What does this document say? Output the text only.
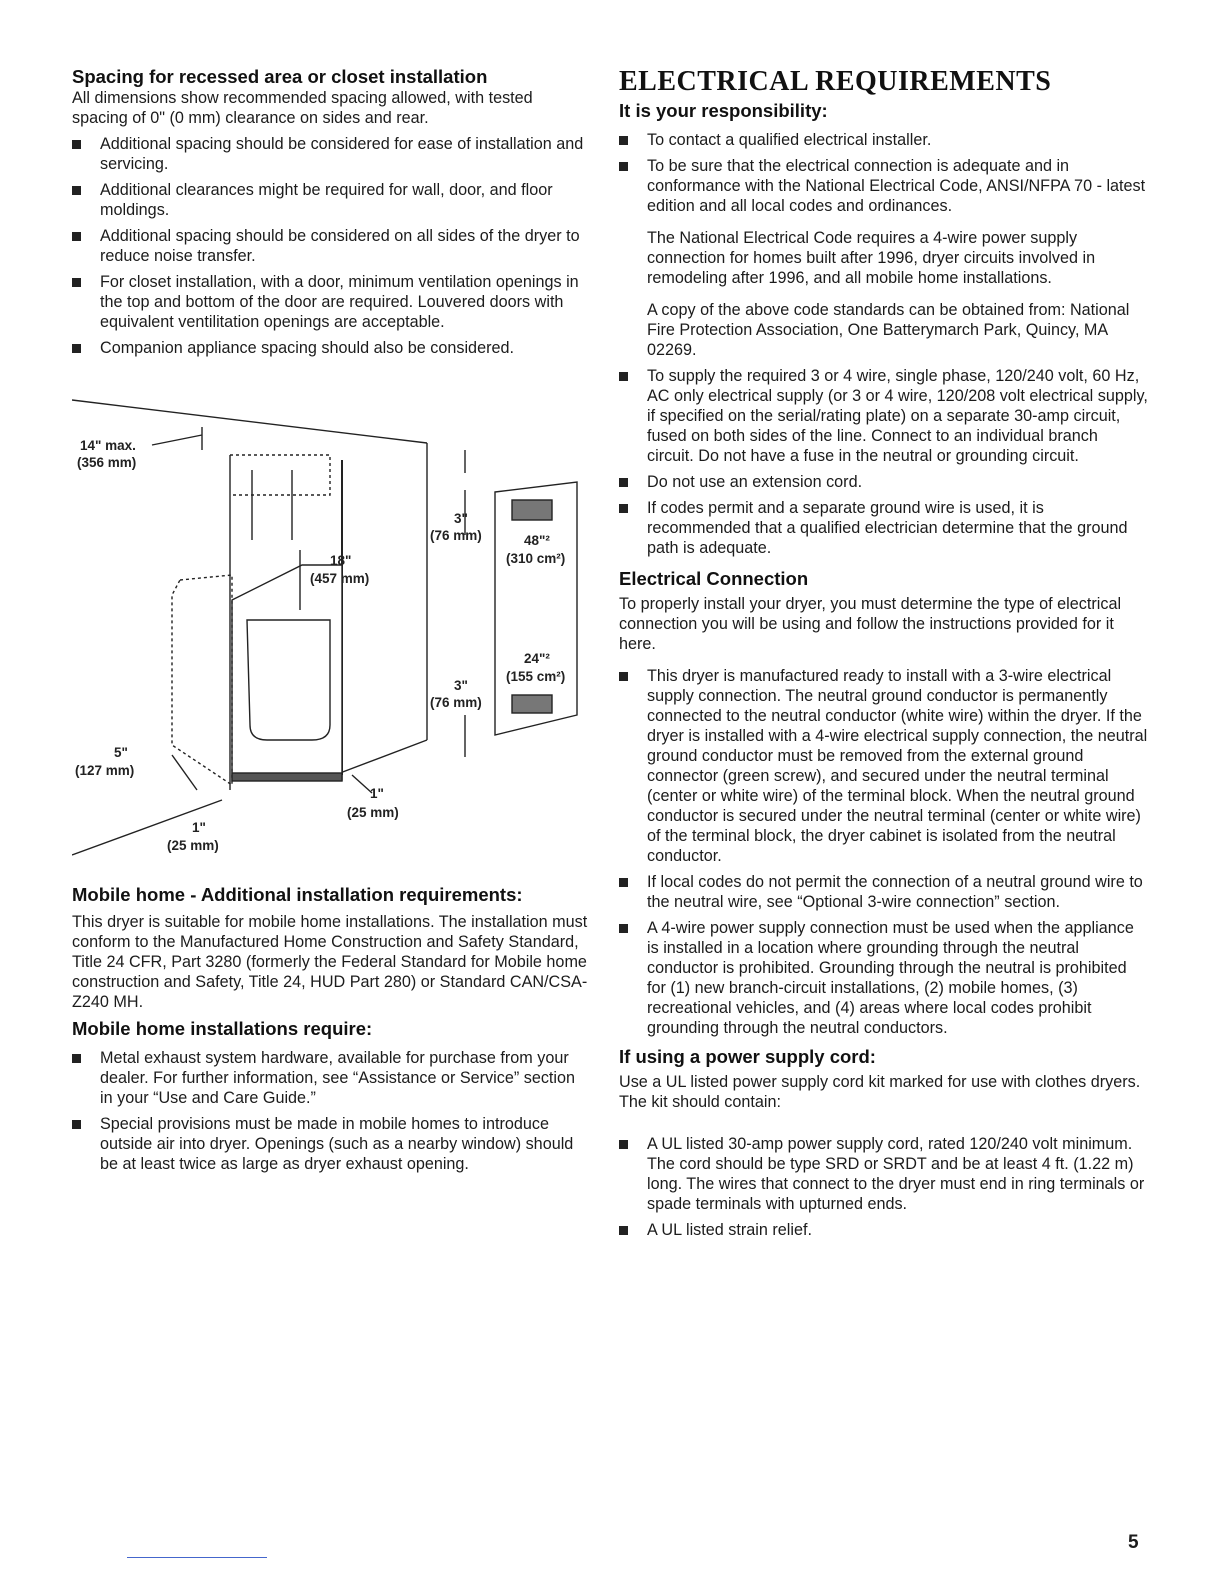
Spacing for recessed area or closet installation

All dimensions show recommended spacing allowed, with tested spacing of 0" (0 mm) clearance on sides and rear.

Additional spacing should be considered for ease of installation and servicing.
Additional clearances might be required for wall, door, and floor moldings.
Additional spacing should be considered on all sides of the dryer to reduce noise transfer.
For closet installation, with a door, minimum ventilation openings in the top and bottom of the door are required. Louvered doors with equivalent ventilitation openings are acceptable.
Companion appliance spacing should also be considered.
14" max.
(356 mm)
18"
(457 mm)
5"
(127 mm)
1"
(25 mm)
1"
(25 mm)
3"
(76 mm)
3"
(76 mm)
48"²
(310 cm²)
24"²
(155 cm²)
Mobile home - Additional installation requirements:

This dryer is suitable for mobile home installations. The installation must conform to the Manufactured Home Construction and Safety Standard, Title 24 CFR, Part 3280 (formerly the Federal Standard for Mobile home construction and Safety, Title 24, HUD Part 280) or Standard CAN/CSA-Z240 MH.

Mobile home installations require:
Metal exhaust system hardware, available for purchase from your dealer. For further information, see “Assistance or Service” section in your “Use and Care Guide.”
Special provisions must be made in mobile homes to introduce outside air into dryer. Openings (such as a nearby window) should be at least twice as large as dryer exhaust opening.
ELECTRICAL REQUIREMENTS
It is your responsibility:
To contact a qualified electrical installer.
To be sure that the electrical connection is adequate and in conformance with the National Electrical Code, ANSI/NFPA 70 - latest edition and all local codes and ordinances.
The National Electrical Code requires a 4-wire power supply connection for homes built after 1996, dryer circuits involved in remodeling after 1996, and all mobile home installations.
A copy of the above code standards can be obtained from: National Fire Protection Association, One Batterymarch Park, Quincy, MA 02269.
To supply the required 3 or 4 wire, single phase, 120/240 volt, 60 Hz, AC only electrical supply (or 3 or 4 wire, 120/208 volt electrical supply, if specified on the serial/rating plate) on a separate 30-amp circuit, fused on both sides of the line. Connect to an individual branch circuit. Do not have a fuse in the neutral or grounding circuit.
Do not use an extension cord.
If codes permit and a separate ground wire is used, it is recommended that a qualified electrician determine that the ground path is adequate.
Electrical Connection

To properly install your dryer, you must determine the type of electrical connection you will be using and follow the instructions provided for it here.

This dryer is manufactured ready to install with a 3-wire electrical supply connection. The neutral ground conductor is permanently connected to the neutral conductor (white wire) within the dryer. If the dryer is installed with a 4-wire electrical supply connection, the neutral ground conductor must be removed from the external ground connector (green screw), and secured under the neutral terminal (center or white wire) of the terminal block. When the neutral ground conductor is secured under the neutral terminal (center or white wire) of the terminal block, the dryer cabinet is isolated from the neutral conductor.
If local codes do not permit the connection of a neutral ground wire to the neutral wire, see “Optional 3-wire connection” section.
A 4-wire power supply connection must be used when the appliance is installed in a location where grounding through the neutral conductor is prohibited. Grounding through the neutral is prohibited for (1) new branch-circuit installations, (2) mobile homes, (3) recreational vehicles, and (4) areas where local codes prohibit grounding through the neutral conductors.
If using a power supply cord:

Use a UL listed power supply cord kit marked for use with clothes dryers. The kit should contain:

A UL listed 30-amp power supply cord, rated 120/240 volt minimum. The cord should be type SRD or SRDT and be at least 4 ft. (1.22 m) long. The wires that connect to the dryer must end in ring terminals or spade terminals with upturned ends.
A UL listed strain relief.
5
